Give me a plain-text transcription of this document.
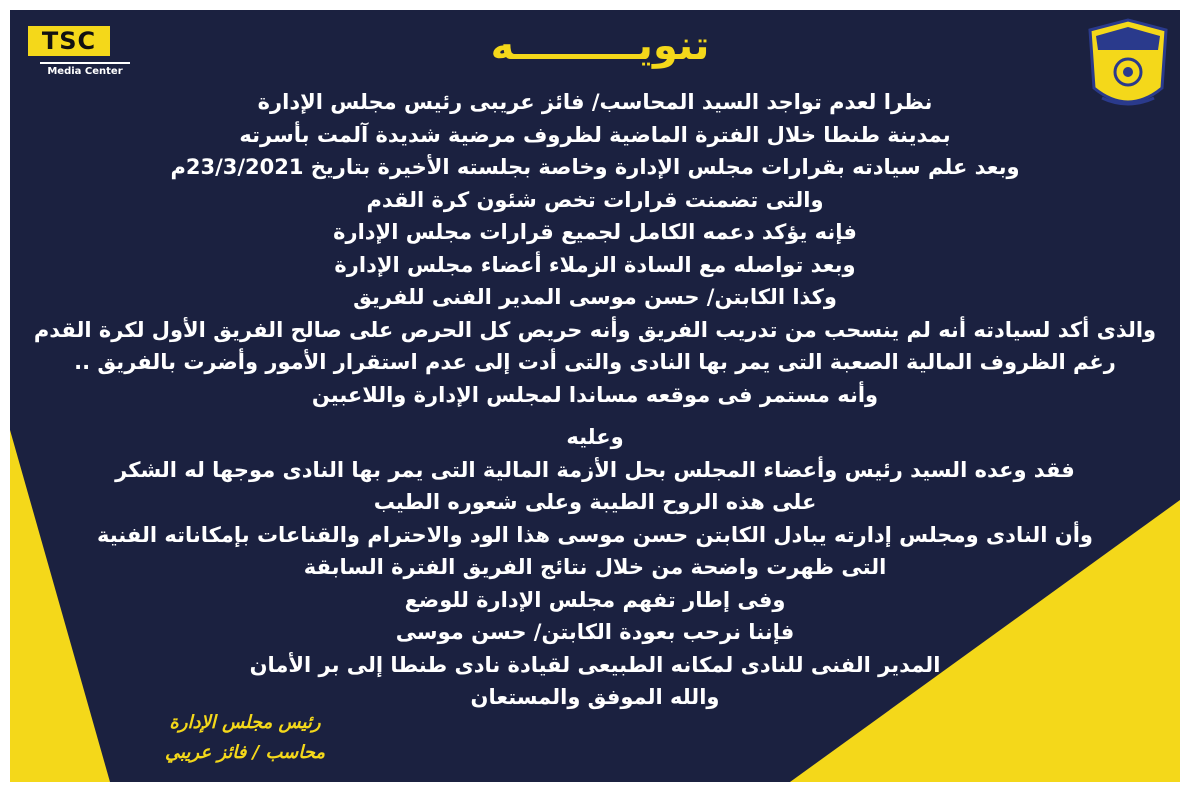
TSC
Media Center
تنويـــــــــه
نظرا لعدم تواجد السيد المحاسب/ فائز عريبى رئيس مجلس الإدارة
بمدينة طنطا خلال الفترة الماضية لظروف مرضية شديدة آلمت بأسرته
وبعد علم سيادته بقرارات مجلس الإدارة وخاصة بجلسته الأخيرة بتاريخ 23/3/2021م
والتى تضمنت قرارات تخص شئون كرة القدم
فإنه يؤكد دعمه الكامل لجميع قرارات مجلس الإدارة
وبعد تواصله مع السادة الزملاء أعضاء مجلس الإدارة
وكذا الكابتن/ حسن موسى المدير الفنى للفريق
والذى أكد لسيادته أنه لم ينسحب من تدريب الفريق وأنه حريص كل الحرص على صالح الفريق الأول لكرة القدم
رغم الظروف المالية الصعبة التى يمر بها النادى والتى أدت إلى عدم استقرار الأمور وأضرت بالفريق ..
وأنه مستمر فى موقعه مساندا لمجلس الإدارة واللاعبين
وعليه
فقد وعده السيد رئيس وأعضاء المجلس بحل الأزمة المالية التى يمر بها النادى موجها له الشكر
على هذه الروح الطيبة وعلى شعوره الطيب
وأن النادى ومجلس إدارته يبادل الكابتن حسن موسى هذا الود والاحترام والقناعات بإمكاناته الفنية
التى ظهرت واضحة من خلال نتائج الفريق الفترة السابقة
وفى إطار تفهم مجلس الإدارة للوضع
فإننا نرحب بعودة الكابتن/ حسن موسى
المدير الفنى للنادى لمكانه الطبيعى لقيادة نادى طنطا إلى بر الأمان
والله الموفق والمستعان
رئيس مجلس الإدارة
محاسب / فائز عريبي
